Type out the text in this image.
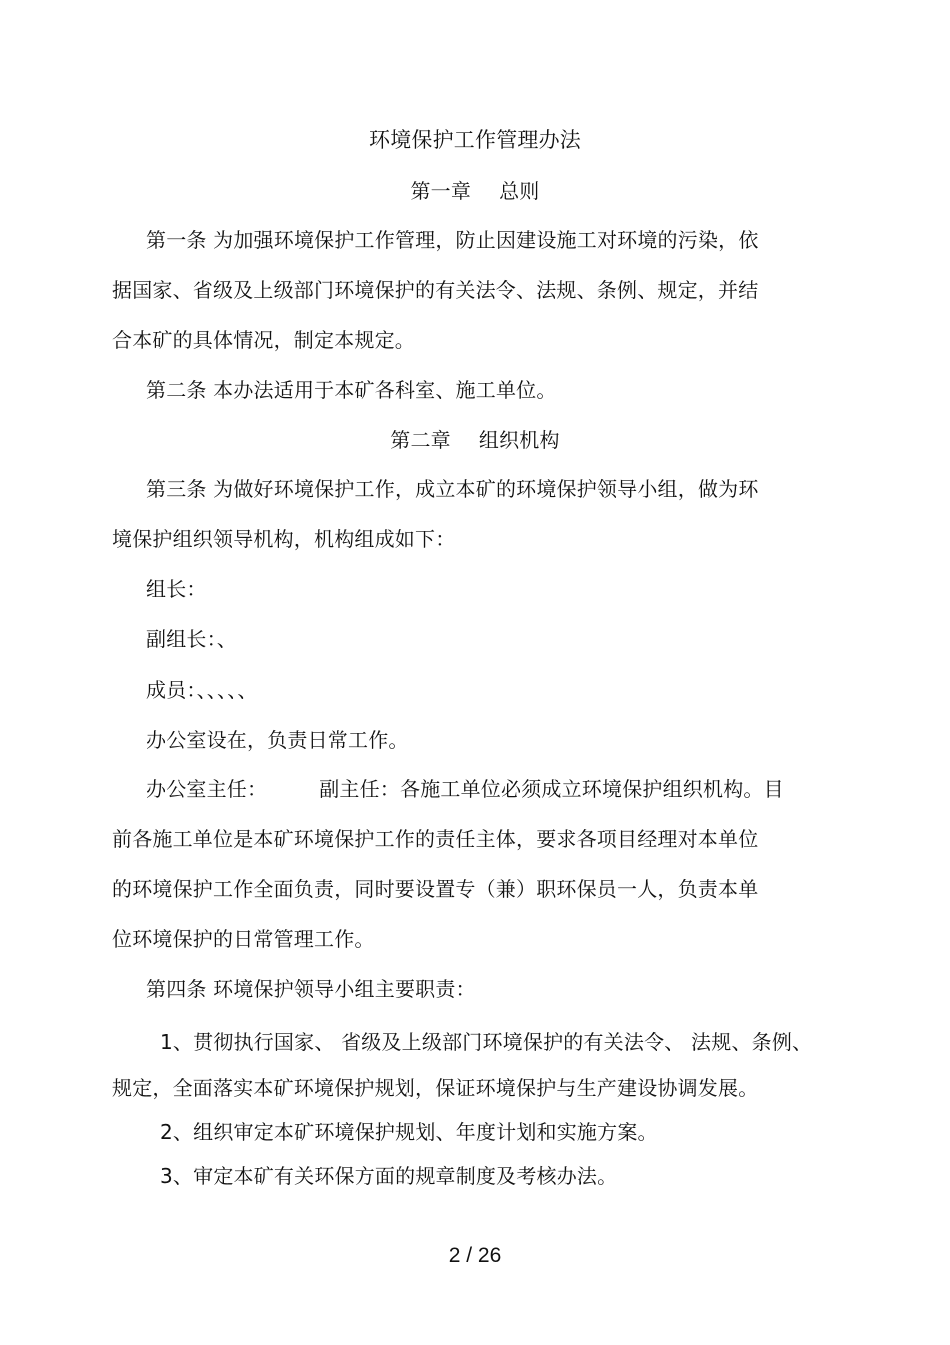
环境保护工作管理办法
第一章 总则
第一条 为加强环境保护工作管理，防止因建设施工对环境的污染，依
据国家、省级及上级部门环境保护的有关法令、法规、条例、规定，并结
合本矿的具体情况，制定本规定。
第二条 本办法适用于本矿各科室、施工单位。
第二章 组织机构
第三条 为做好环境保护工作，成立本矿的环境保护领导小组，做为环
境保护组织领导机构，机构组成如下：
组长：
副组长：、
成员：、、、、、
办公室设在，负责日常工作。
办公室主任：	副主任：各施工单位必须成立环境保护组织机构。目
前各施工单位是本矿环境保护工作的责任主体，要求各项目经理对本单位
的环境保护工作全面负责，同时要设置专（兼）职环保员一人，负责本单
位环境保护的日常管理工作。
第四条 环境保护领导小组主要职责：
1、贯彻执行国家、 省级及上级部门环境保护的有关法令、 法规、条例、
规定，全面落实本矿环境保护规划，保证环境保护与生产建设协调发展。
2、组织审定本矿环境保护规划、年度计划和实施方案。
3、审定本矿有关环保方面的规章制度及考核办法。
2 / 26
